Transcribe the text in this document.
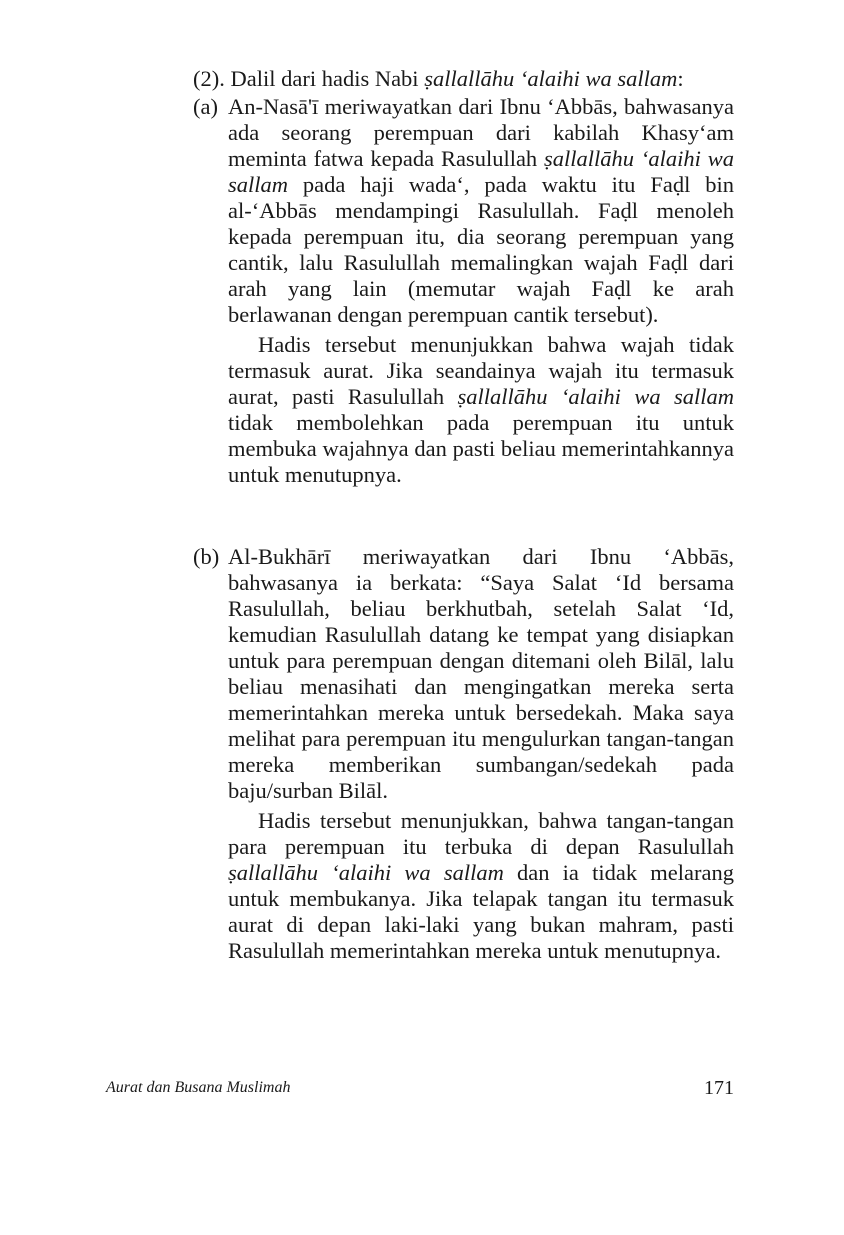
(2). Dalil dari hadis Nabi ṣallallāhu ‘alaihi wa sallam:
(a) An-Nasā'ī meriwayatkan dari Ibnu ‘Abbās, bahwasanya ada seorang perempuan dari kabilah Khasy‘am meminta fatwa kepada Rasulullah ṣallallāhu ‘alaihi wa sallam pada haji wada‘, pada waktu itu Faḍl bin al-‘Abbās mendampingi Rasulullah. Faḍl menoleh kepada perempuan itu, dia seorang perempuan yang cantik, lalu Rasulullah memalingkan wajah Faḍl dari arah yang lain (memutar wajah Faḍl ke arah berlawanan dengan perempuan cantik tersebut).

Hadis tersebut menunjukkan bahwa wajah tidak termasuk aurat. Jika seandainya wajah itu termasuk aurat, pasti Rasulullah ṣallallāhu ‘alaihi wa sallam tidak membolehkan pada perempuan itu untuk membuka wajahnya dan pasti beliau memerintahkannya untuk menutupnya.

(b) Al-Bukhārī meriwayatkan dari Ibnu ‘Abbās, bahwasanya ia berkata: “Saya Salat ‘Id bersama Rasulullah, beliau berkhutbah, setelah Salat ‘Id, kemudian Rasulullah datang ke tempat yang disiapkan untuk para perempuan dengan ditemani oleh Bilāl, lalu beliau menasihati dan mengingatkan mereka serta memerintahkan mereka untuk bersedekah. Maka saya melihat para perempuan itu mengulurkan tangan-tangan mereka memberikan sumbangan/sedekah pada baju/surban Bilāl.

Hadis tersebut menunjukkan, bahwa tangan-tangan para perempuan itu terbuka di depan Rasulullah ṣallallāhu ‘alaihi wa sallam dan ia tidak melarang untuk membukanya. Jika telapak tangan itu termasuk aurat di depan laki-laki yang bukan mahram, pasti Rasulullah memerintahkan mereka untuk menutupnya.

Aurat dan Busana Muslimah	171
